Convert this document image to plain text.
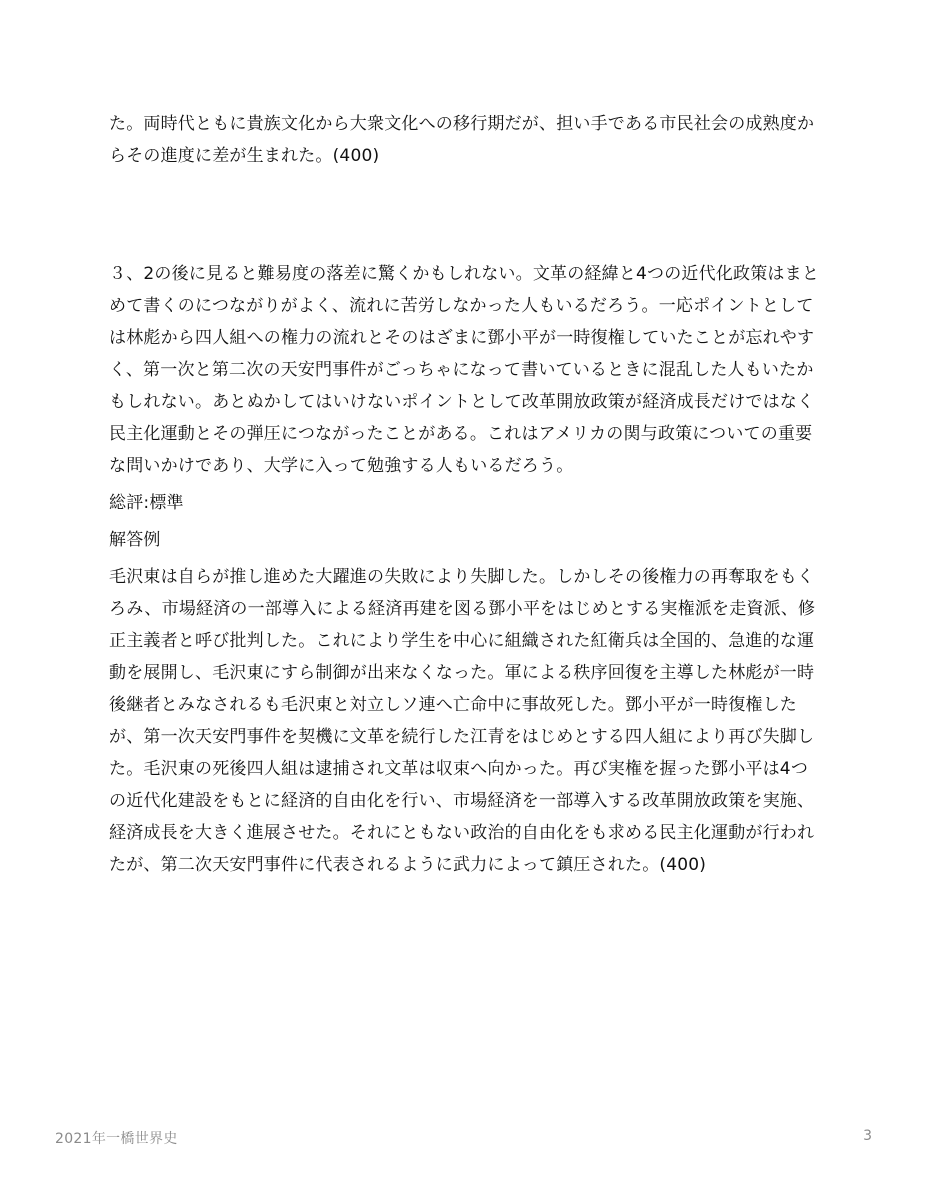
た。両時代ともに貴族文化から大衆文化への移行期だが、担い手である市民社会の成熟度からその進度に差が生まれた。(400)

３、2の後に見ると難易度の落差に驚くかもしれない。文革の経緯と4つの近代化政策はまとめて書くのにつながりがよく、流れに苦労しなかった人もいるだろう。一応ポイントとしては林彪から四人組への権力の流れとそのはざまに鄧小平が一時復権していたことが忘れやすく、第一次と第二次の天安門事件がごっちゃになって書いているときに混乱した人もいたかもしれない。あとぬかしてはいけないポイントとして改革開放政策が経済成長だけではなく民主化運動とその弾圧につながったことがある。これはアメリカの関与政策についての重要な問いかけであり、大学に入って勉強する人もいるだろう。

総評:標準

解答例

毛沢東は自らが推し進めた大躍進の失敗により失脚した。しかしその後権力の再奪取をもくろみ、市場経済の一部導入による経済再建を図る鄧小平をはじめとする実権派を走資派、修正主義者と呼び批判した。これにより学生を中心に組織された紅衛兵は全国的、急進的な運動を展開し、毛沢東にすら制御が出来なくなった。軍による秩序回復を主導した林彪が一時後継者とみなされるも毛沢東と対立しソ連へ亡命中に事故死した。鄧小平が一時復権したが、第一次天安門事件を契機に文革を続行した江青をはじめとする四人組により再び失脚した。毛沢東の死後四人組は逮捕され文革は収束へ向かった。再び実権を握った鄧小平は4つの近代化建設をもとに経済的自由化を行い、市場経済を一部導入する改革開放政策を実施、経済成長を大きく進展させた。それにともない政治的自由化をも求める民主化運動が行われたが、第二次天安門事件に代表されるように武力によって鎮圧された。(400)

2021年一橋世界史	3
